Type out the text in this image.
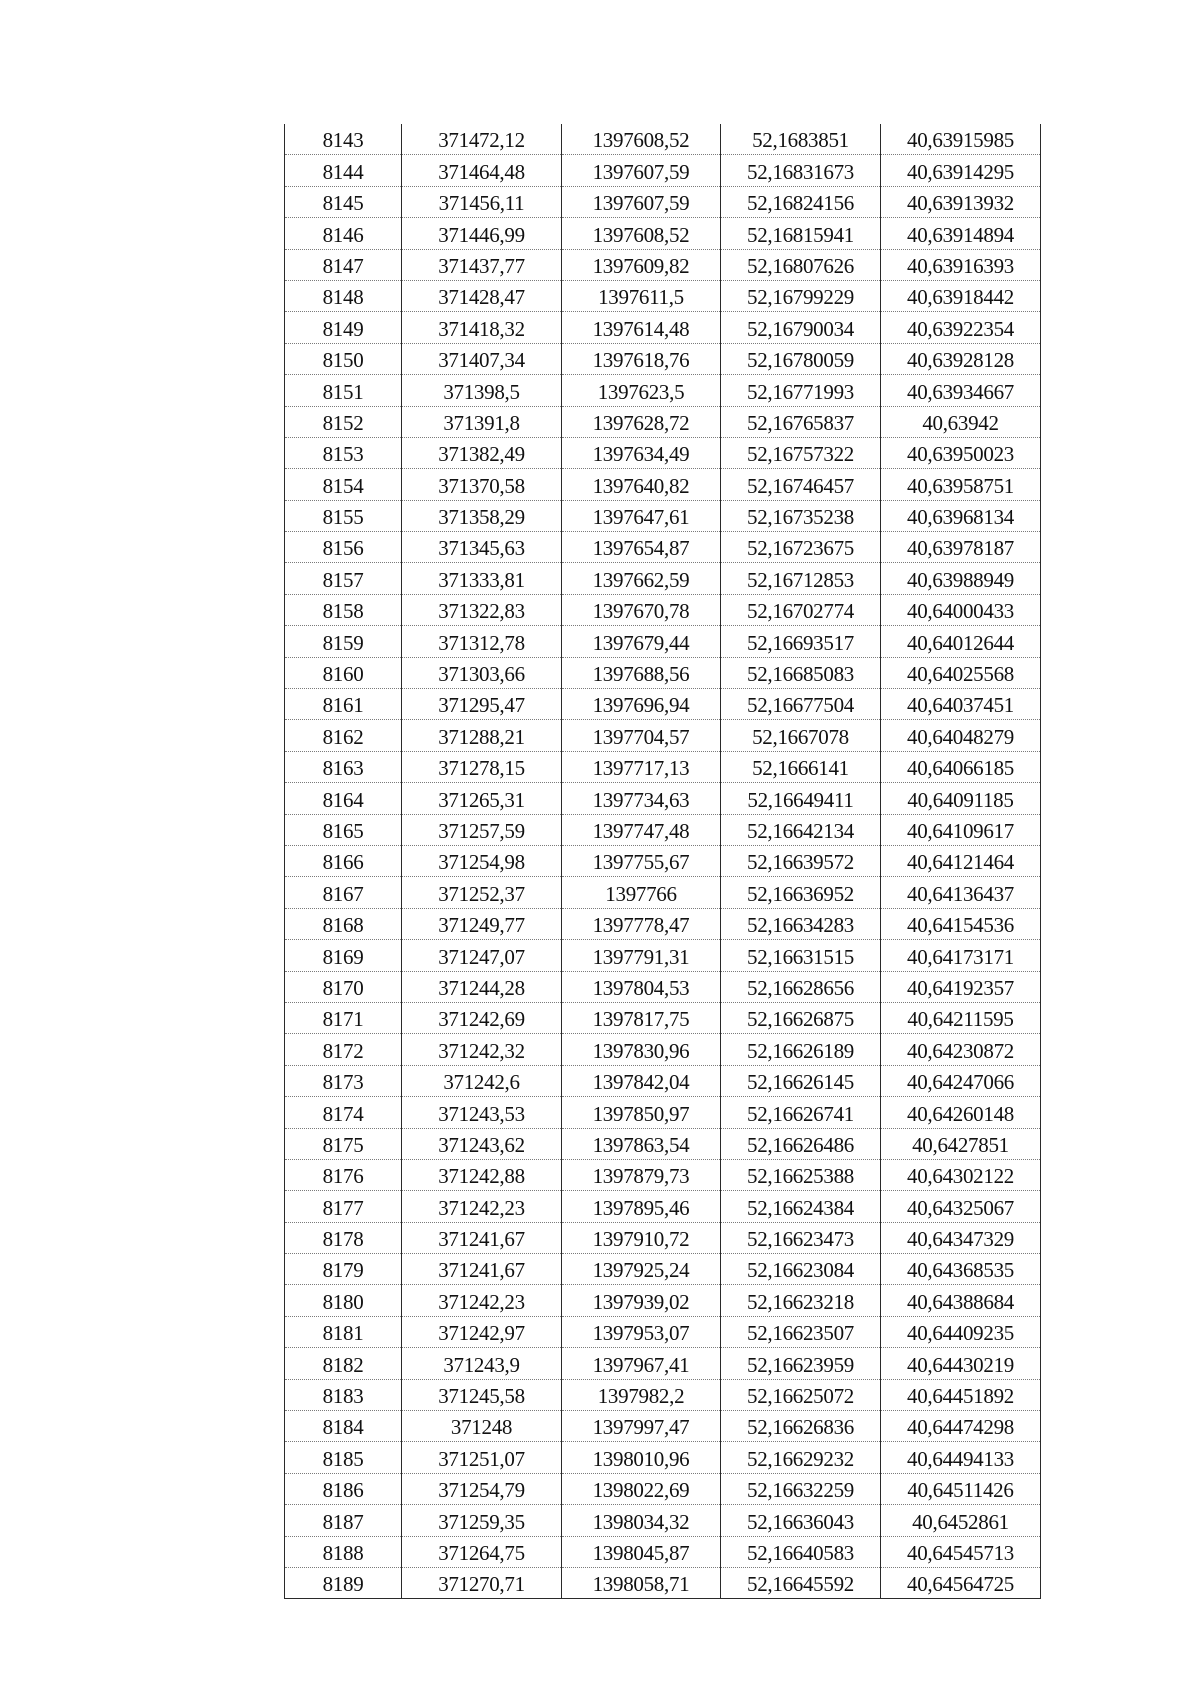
8143	371472,12	1397608,52	52,1683851	40,63915985
8144	371464,48	1397607,59	52,16831673	40,63914295
8145	371456,11	1397607,59	52,16824156	40,63913932
8146	371446,99	1397608,52	52,16815941	40,63914894
8147	371437,77	1397609,82	52,16807626	40,63916393
8148	371428,47	1397611,5	52,16799229	40,63918442
8149	371418,32	1397614,48	52,16790034	40,63922354
8150	371407,34	1397618,76	52,16780059	40,63928128
8151	371398,5	1397623,5	52,16771993	40,63934667
8152	371391,8	1397628,72	52,16765837	40,63942
8153	371382,49	1397634,49	52,16757322	40,63950023
8154	371370,58	1397640,82	52,16746457	40,63958751
8155	371358,29	1397647,61	52,16735238	40,63968134
8156	371345,63	1397654,87	52,16723675	40,63978187
8157	371333,81	1397662,59	52,16712853	40,63988949
8158	371322,83	1397670,78	52,16702774	40,64000433
8159	371312,78	1397679,44	52,16693517	40,64012644
8160	371303,66	1397688,56	52,16685083	40,64025568
8161	371295,47	1397696,94	52,16677504	40,64037451
8162	371288,21	1397704,57	52,1667078	40,64048279
8163	371278,15	1397717,13	52,1666141	40,64066185
8164	371265,31	1397734,63	52,16649411	40,64091185
8165	371257,59	1397747,48	52,16642134	40,64109617
8166	371254,98	1397755,67	52,16639572	40,64121464
8167	371252,37	1397766	52,16636952	40,64136437
8168	371249,77	1397778,47	52,16634283	40,64154536
8169	371247,07	1397791,31	52,16631515	40,64173171
8170	371244,28	1397804,53	52,16628656	40,64192357
8171	371242,69	1397817,75	52,16626875	40,64211595
8172	371242,32	1397830,96	52,16626189	40,64230872
8173	371242,6	1397842,04	52,16626145	40,64247066
8174	371243,53	1397850,97	52,16626741	40,64260148
8175	371243,62	1397863,54	52,16626486	40,6427851
8176	371242,88	1397879,73	52,16625388	40,64302122
8177	371242,23	1397895,46	52,16624384	40,64325067
8178	371241,67	1397910,72	52,16623473	40,64347329
8179	371241,67	1397925,24	52,16623084	40,64368535
8180	371242,23	1397939,02	52,16623218	40,64388684
8181	371242,97	1397953,07	52,16623507	40,64409235
8182	371243,9	1397967,41	52,16623959	40,64430219
8183	371245,58	1397982,2	52,16625072	40,64451892
8184	371248	1397997,47	52,16626836	40,64474298
8185	371251,07	1398010,96	52,16629232	40,64494133
8186	371254,79	1398022,69	52,16632259	40,64511426
8187	371259,35	1398034,32	52,16636043	40,6452861
8188	371264,75	1398045,87	52,16640583	40,64545713
8189	371270,71	1398058,71	52,16645592	40,64564725
